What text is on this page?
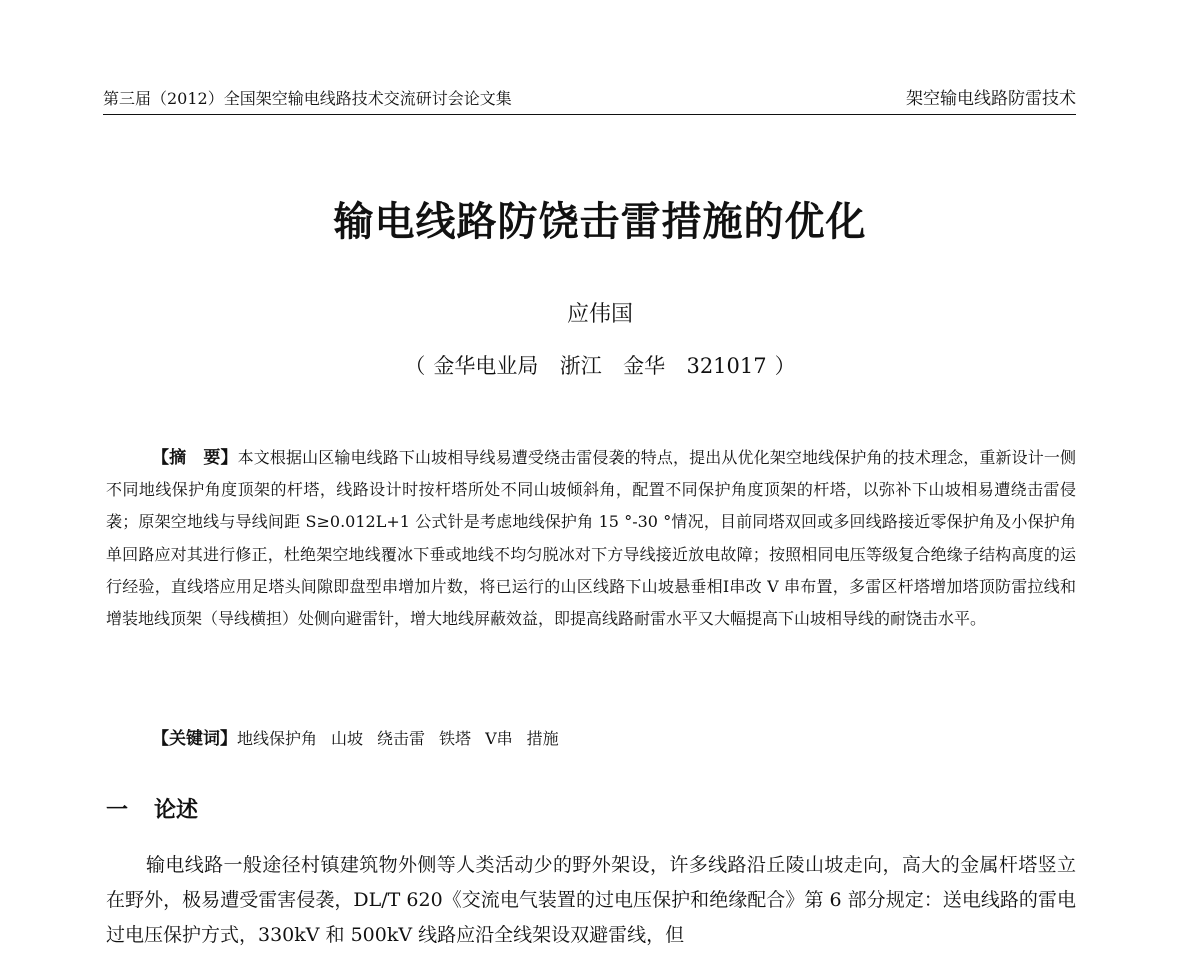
第三届（2012）全国架空输电线路技术交流研讨会论文集	架空输电线路防雷技术
输电线路防饶击雷措施的优化
应伟国
（ 金华电业局 浙江 金华 321017 ）

【摘　要】本文根据山区输电线路下山坡相导线易遭受绕击雷侵袭的特点，提出从优化架空地线保护角的技术理念，重新设计一侧不同地线保护角度顶架的杆塔，线路设计时按杆塔所处不同山坡倾斜角，配置不同保护角度顶架的杆塔，以弥补下山坡相易遭绕击雷侵袭；原架空地线与导线间距 S≥0.012L+1 公式针是考虑地线保护角 15 °-30 °情况，目前同塔双回或多回线路接近零保护角及小保护角单回路应对其进行修正，杜绝架空地线覆冰下垂或地线不均匀脱冰对下方导线接近放电故障；按照相同电压等级复合绝缘子结构高度的运行经验，直线塔应用足塔头间隙即盘型串增加片数，将已运行的山区线路下山坡悬垂相Ⅰ串改 V 串布置，多雷区杆塔增加塔顶防雷拉线和增装地线顶架（导线横担）处侧向避雷针，增大地线屏蔽效益，即提高线路耐雷水平又大幅提高下山坡相导线的耐饶击水平。

【关键词】地线保护角 山坡 绕击雷 铁塔 V串 措施
一 论述

输电线路一般途径村镇建筑物外侧等人类活动少的野外架设，许多线路沿丘陵山坡走向，高大的金属杆塔竖立在野外，极易遭受雷害侵袭，DL/T 620《交流电气装置的过电压保护和绝缘配合》第 6 部分规定：送电线路的雷电过电压保护方式，330kV 和 500kV 线路应沿全线架设双避雷线，但
